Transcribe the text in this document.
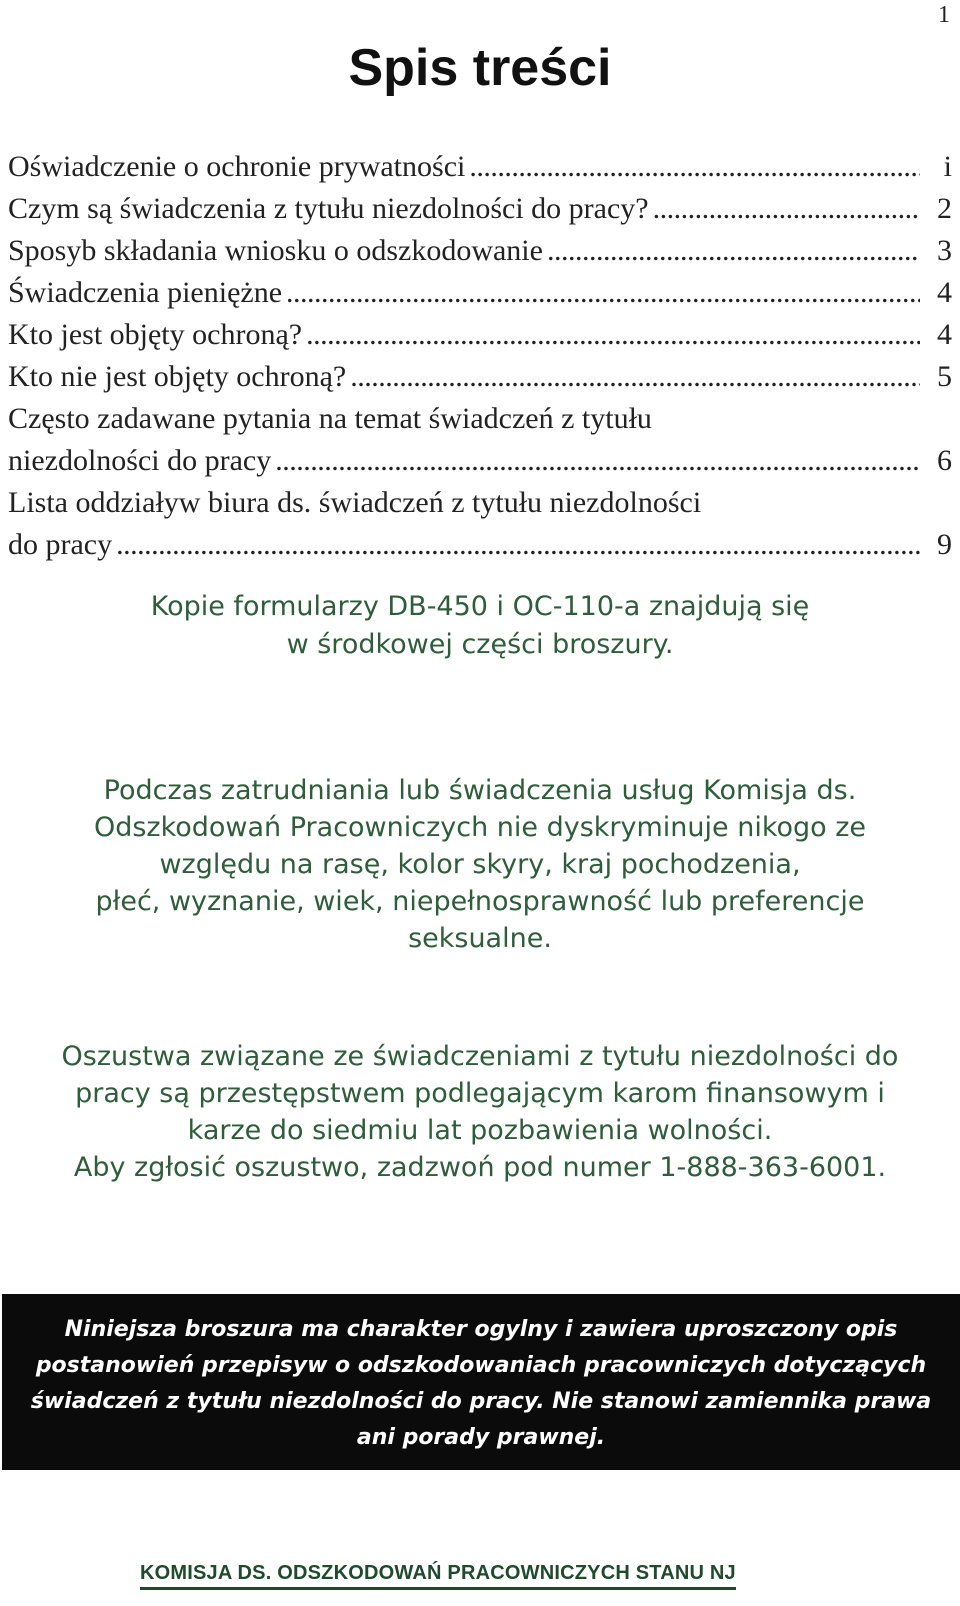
1
Spis treści
Oświadczenie o ochronie prywatności . . .	i
Czym są świadczenia z tytułu niezdolności do pracy? . . .	2
Sposyb składania wniosku o odszkodowanie . . .	3
Świadczenia pieniężne . . .	4
Kto jest objęty ochroną? . . .	4
Kto nie jest objęty ochroną? . . .	5
Często zadawane pytania na temat świadczeń z tytułu
niezdolności do pracy . . .	6
Lista oddziaływ biura ds. świadczeń z tytułu niezdolności
do pracy . . .	9
Kopie formularzy DB-450 i OC-110-a znajdują się
w środkowej części broszury.
Podczas zatrudniania lub świadczenia usług Komisja ds.
Odszkodowań Pracowniczych nie dyskryminuje nikogo ze
względu na rasę, kolor skyry, kraj pochodzenia,
płeć, wyznanie, wiek, niepełnosprawność lub preferencje
seksualne.
Oszustwa związane ze świadczeniami z tytułu niezdolności do
pracy są przestępstwem podlegającym karom finansowym i
karze do siedmiu lat pozbawienia wolności.
Aby zgłosić oszustwo, zadzwoń pod numer 1-888-363-6001.
Niniejsza broszura ma charakter ogylny i zawiera uproszczony opis
postanowień przepisyw o odszkodowaniach pracowniczych dotyczących
świadczeń z tytułu niezdolności do pracy. Nie stanowi zamiennika prawa
ani porady prawnej.
KOMISJA DS. ODSZKODOWAŃ PRACOWNICZYCH STANU NJ
